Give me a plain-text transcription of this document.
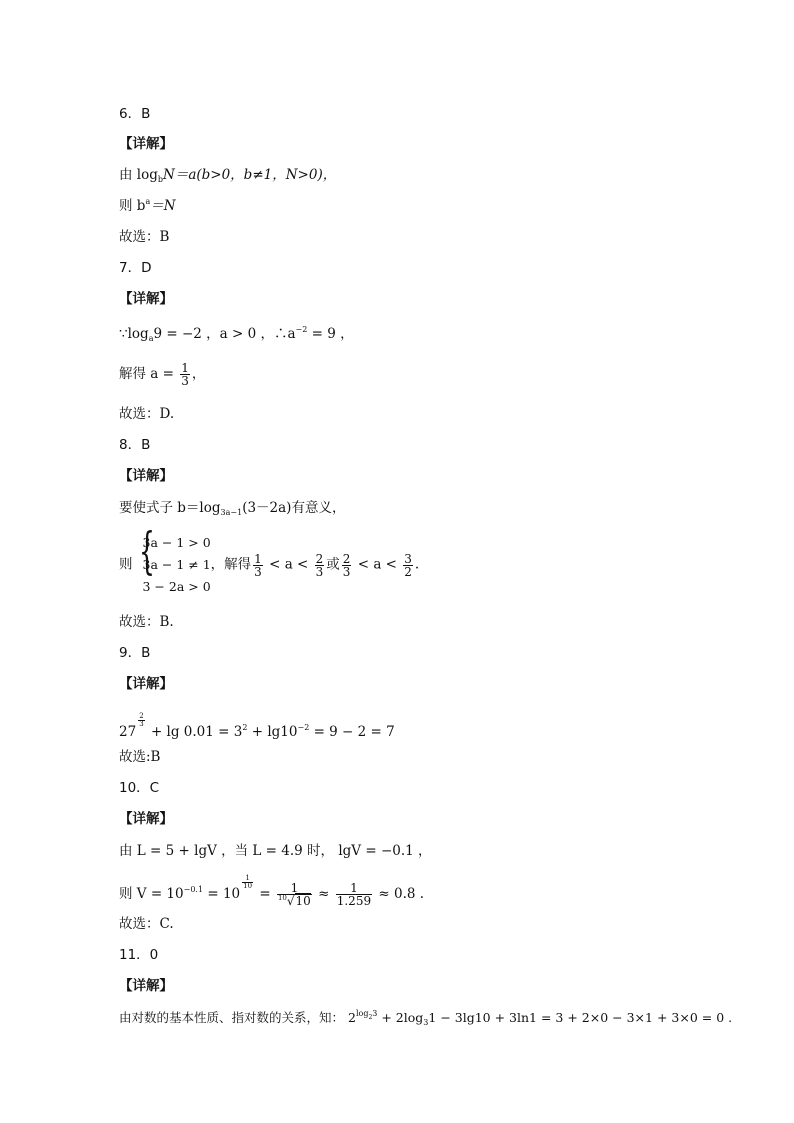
6．B
【详解】
由 $\log_bN=a(b>0$，b≠1，N>0)，
则 $b^a=N$
故选：B
7．D
【详解】
$\because\log_a9 = -2$ ，a > 0 ，$\therefore a^{-2} = 9$ ，
解得 $a = \frac{1}{3}$ ，
故选：D.
8．B
【详解】
要使式子 $b=\log_{3a-1}(3-2a)$有意义，
则 {
3a − 1 > 0
3a − 1 ≠ 1
3 − 2a > 0
，解得 $\frac{1}{3} < a < \frac{2}{3}$ 或 $\frac{2}{3} < a < \frac{3}{2}$ .
故选：B.
9．B
【详解】
27
$\frac{2}{3}$
+ $\lg 0.01 = 3^2 + \lg 10^{-2} = 9 - 2 = 7$
故选:B
10．C
【详解】
由 L = 5 + lgV ，当 L = 4.9 时， lgV = −0.1 ，
则 $V = 10^{-0.1} = 10$
$\frac{1}{10}$
= $\frac{1}{^{10}√10} \approx \frac{1}{1.259} \approx 0.8$ .
故选：C.
11．0
【详解】
由对数的基本性质、指对数的关系，知： $2^{log_23} + 2\log_31 - 3\lg 10 + 3\ln 1 = 3 + 2\times 0 - 3\times 1 + 3\times 0 = 0$ .
